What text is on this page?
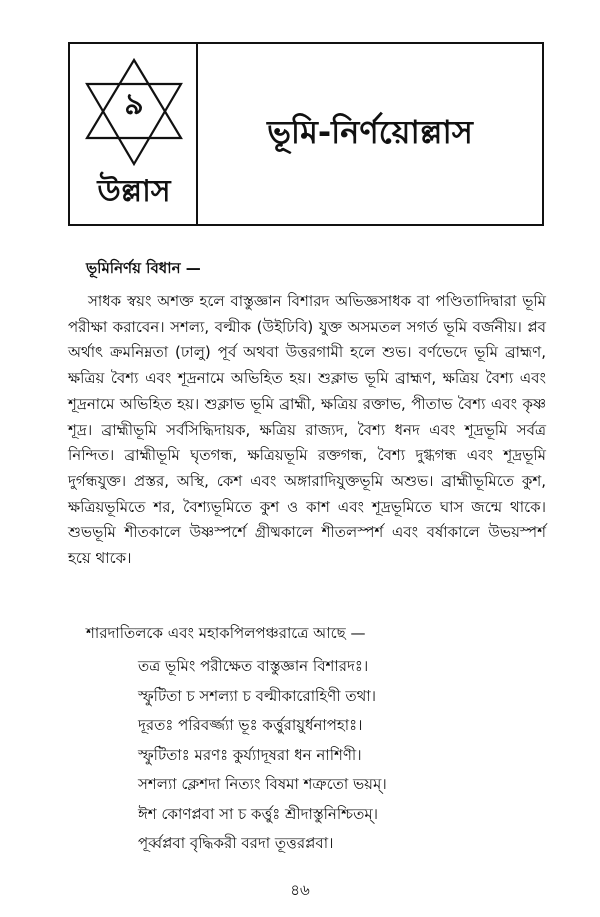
৯
উল্লাস
ভূমি-নির্ণয়োল্লাস
ভূমিনির্ণয় বিধান —

সাধক স্বয়ং অশক্ত হলে বাস্তুজ্ঞান বিশারদ অভিজ্ঞসাধক বা পণ্ডিতাদিদ্বারা ভূমি পরীক্ষা করাবেন। সশল্য, বল্মীক (উইঢিবি) যুক্ত অসমতল সগর্ত ভূমি বর্জনীয়। প্লব অর্থাৎ ক্রমনিম্নতা (ঢালু) পূর্ব অথবা উত্তরগামী হলে শুভ। বর্ণভেদে ভূমি ব্রাহ্মণ, ক্ষত্রিয় বৈশ্য এবং শূদ্রনামে অভিহিত হয়। শুক্লাভ ভূমি ব্রাহ্মণ, ক্ষত্রিয় বৈশ্য এবং শূদ্রনামে অভিহিত হয়। শুক্লাভ ভূমি ব্রাহ্মী, ক্ষত্রিয় রক্তাভ, পীতাভ বৈশ্য এবং কৃষ্ণ শূদ্র। ব্রাহ্মীভূমি সর্বসিদ্ধিদায়ক, ক্ষত্রিয় রাজ্যদ, বৈশ্য ধনদ এবং শূদ্রভূমি সর্বত্র নিন্দিত। ব্রাহ্মীভূমি ঘৃতগন্ধ, ক্ষত্রিয়ভূমি রক্তগন্ধ, বৈশ্য দুগ্ধগন্ধ এবং শূদ্রভূমি দুর্গন্ধযুক্ত। প্রস্তর, অস্থি, কেশ এবং অঙ্গারাদিযুক্তভূমি অশুভ। ব্রাহ্মীভূমিতে কুশ, ক্ষত্রিয়ভূমিতে শর, বৈশ্যভূমিতে কুশ ও কাশ এবং শূদ্রভূমিতে ঘাস জন্মে থাকে। শুভভূমি শীতকালে উষ্ণস্পর্শে গ্রীষ্মকালে শীতলস্পর্শ এবং বর্ষাকালে উভয়স্পর্শ হয়ে থাকে।

শারদাতিলকে এবং মহাকপিলপঞ্চরাত্রে আছে —
তত্র ভূমিং পরীক্ষেত বাস্তুজ্ঞান বিশারদঃ।
স্ফুটিতা চ সশল্যা চ বল্মীকারোহিণী তথা।
দূরতঃ পরিবর্জ্জ্যা ভূঃ কর্ত্তুরায়ুর্ধনাপহাঃ।
স্ফুটিতাঃ মরণঃ কুর্য্যাদূষরা ধন নাশিণী।
সশল্যা ক্লেশদা নিত্যং বিষমা শত্রুতো ভয়ম্।
ঈশ কোণপ্লবা সা চ কর্ত্তুঃ শ্রীদাস্তুনিশ্চিতম্।
পূর্ব্বপ্লবা বৃদ্ধিকরী বরদা তূত্তরপ্লবা।
৪৬
